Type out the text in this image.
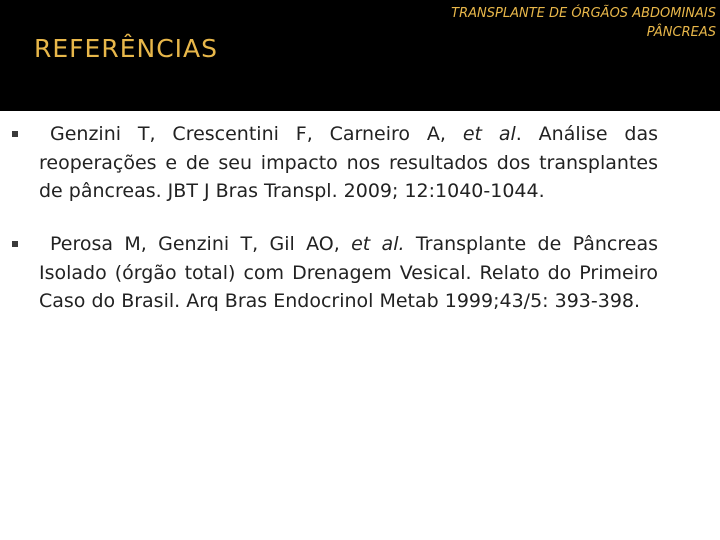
REFERÊNCIAS
TRANSPLANTE DE ÓRGÃOS ABDOMINAIS
PÂNCREAS
Genzini T, Crescentini F, Carneiro A, et al. Análise das reoperações e de seu impacto nos resultados dos transplantes de pâncreas. JBT J Bras Transpl. 2009; 12:1040-1044.
Perosa M, Genzini T, Gil AO, et al. Transplante de Pâncreas Isolado (órgão total) com Drenagem Vesical. Relato do Primeiro Caso do Brasil. Arq Bras Endocrinol Metab 1999;43/5: 393-398.
